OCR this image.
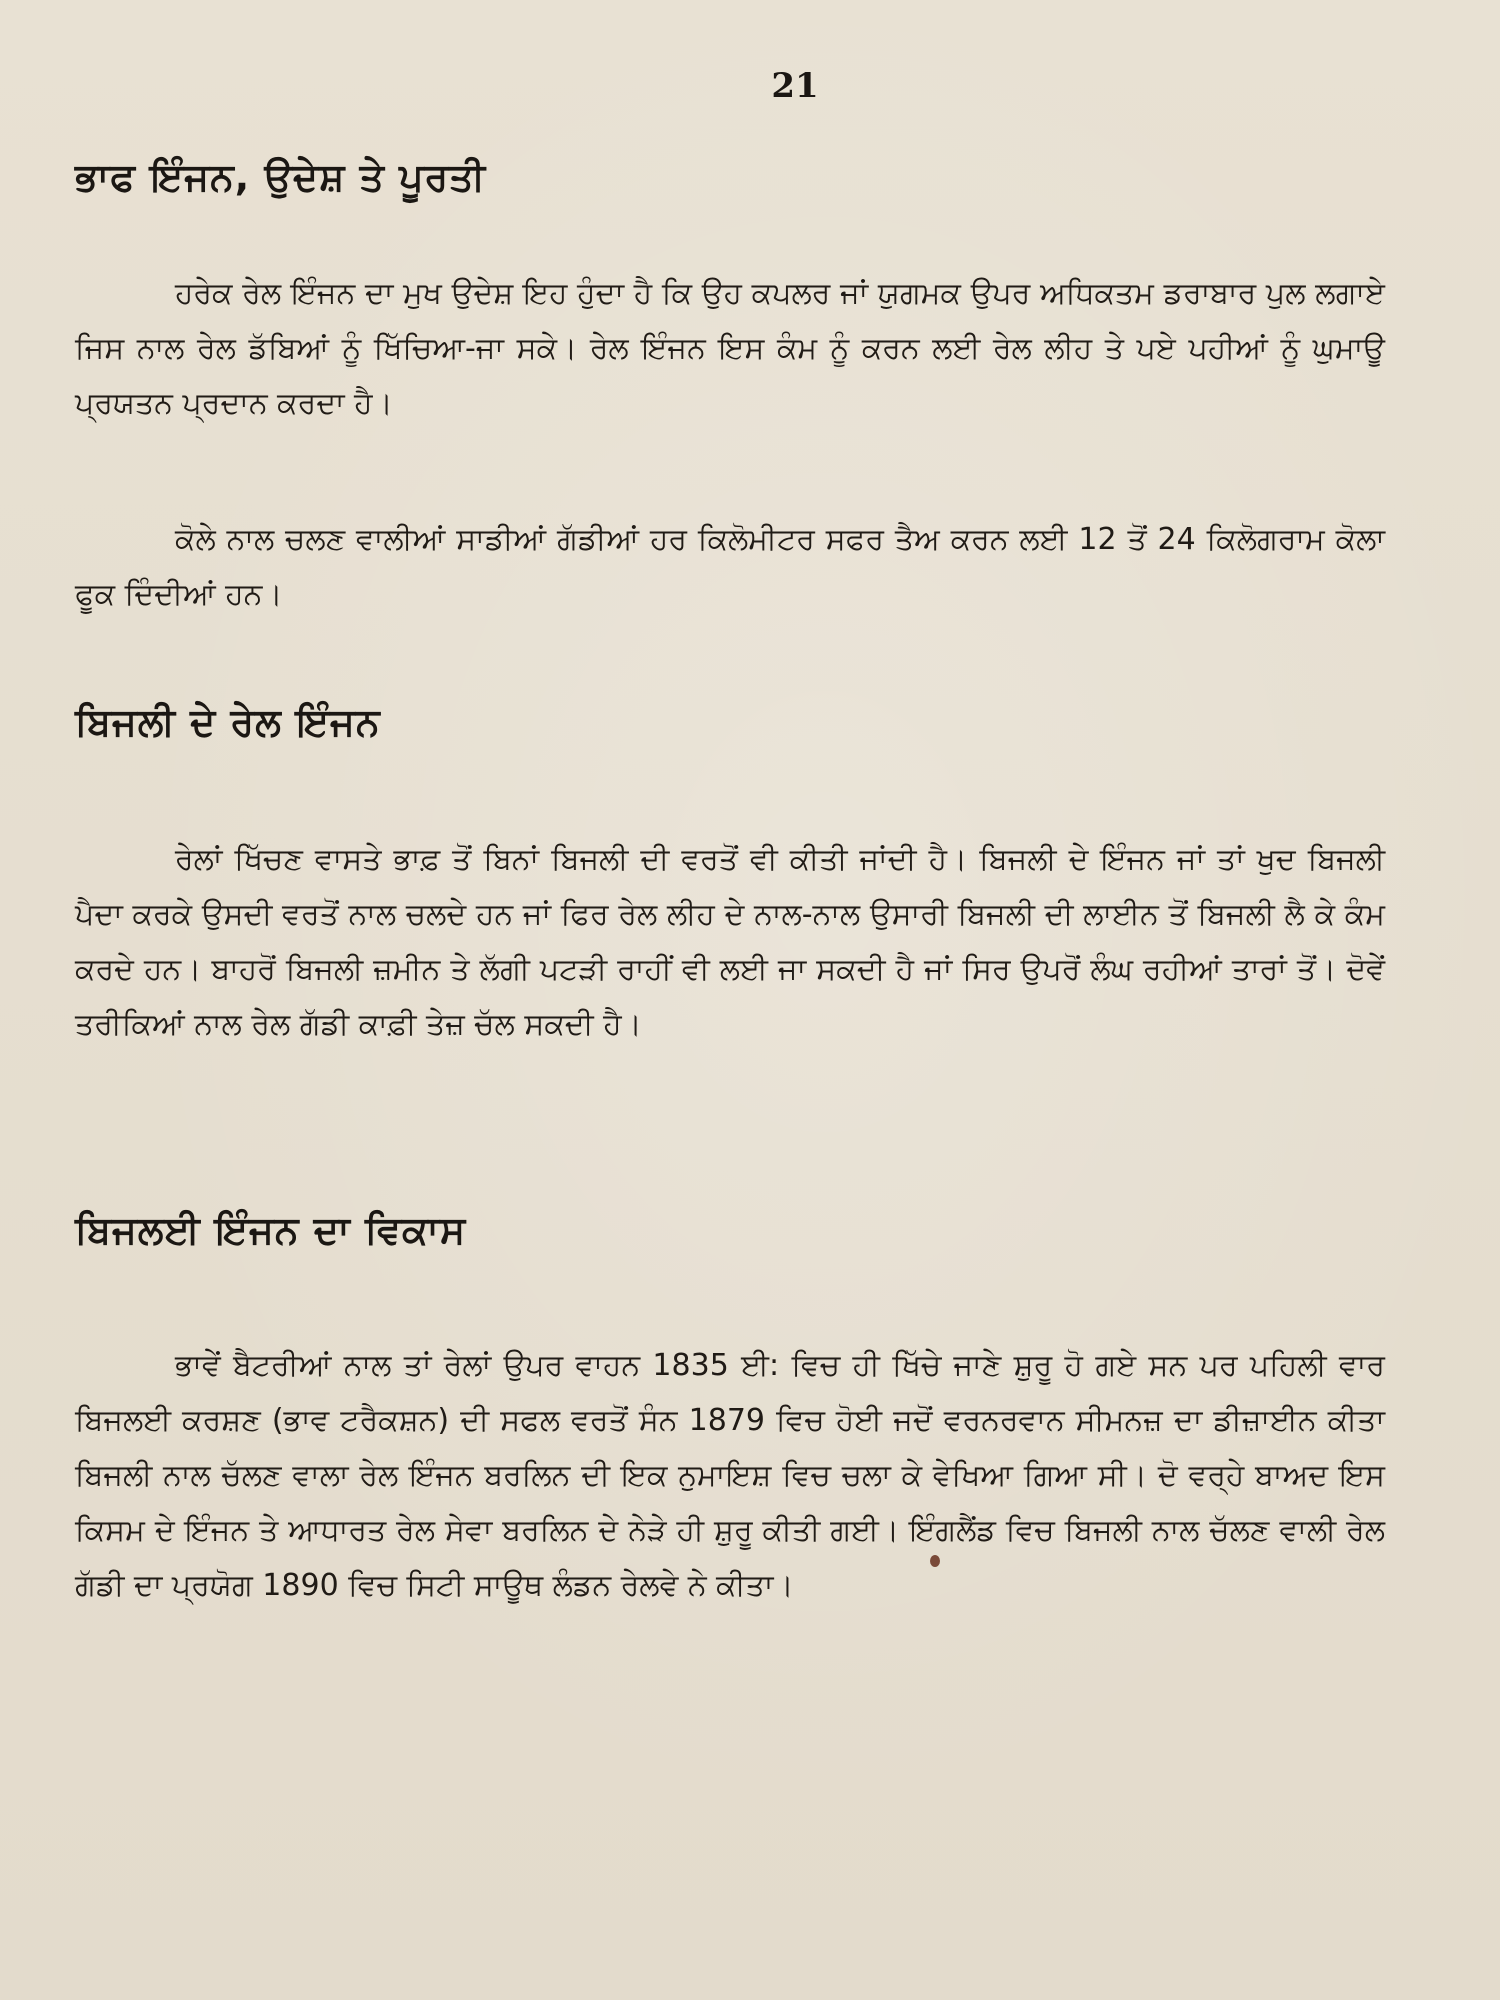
21
ਭਾਫ ਇੰਜਨ, ਉਦੇਸ਼ ਤੇ ਪੂਰਤੀ

ਹਰੇਕ ਰੇਲ ਇੰਜਨ ਦਾ ਮੁਖ ਉਦੇਸ਼ ਇਹ ਹੁੰਦਾ ਹੈ ਕਿ ਉਹ ਕਪਲਰ ਜਾਂ ਯੁਗਮਕ ਉਪਰ ਅਧਿਕਤਮ ਡਰਾਬਾਰ ਪੁਲ ਲਗਾਏ ਜਿਸ ਨਾਲ ਰੇਲ ਡੱਬਿਆਂ ਨੂੰ ਖਿੱਚਿਆ-ਜਾ ਸਕੇ। ਰੇਲ ਇੰਜਨ ਇਸ ਕੰਮ ਨੂੰ ਕਰਨ ਲਈ ਰੇਲ ਲੀਹ ਤੇ ਪਏ ਪਹੀਆਂ ਨੂੰ ਘੁਮਾਊ ਪ੍ਰਯਤਨ ਪ੍ਰਦਾਨ ਕਰਦਾ ਹੈ।

ਕੋਲੇ ਨਾਲ ਚਲਣ ਵਾਲੀਆਂ ਸਾਡੀਆਂ ਗੱਡੀਆਂ ਹਰ ਕਿਲੋਮੀਟਰ ਸਫਰ ਤੈਅ ਕਰਨ ਲਈ 12 ਤੋਂ 24 ਕਿਲੋਗਰਾਮ ਕੋਲਾ ਫੂਕ ਦਿੰਦੀਆਂ ਹਨ।

ਬਿਜਲੀ ਦੇ ਰੇਲ ਇੰਜਨ

ਰੇਲਾਂ ਖਿੱਚਣ ਵਾਸਤੇ ਭਾਫ਼ ਤੋਂ ਬਿਨਾਂ ਬਿਜਲੀ ਦੀ ਵਰਤੋਂ ਵੀ ਕੀਤੀ ਜਾਂਦੀ ਹੈ। ਬਿਜਲੀ ਦੇ ਇੰਜਨ ਜਾਂ ਤਾਂ ਖੁਦ ਬਿਜਲੀ ਪੈਦਾ ਕਰਕੇ ਉਸਦੀ ਵਰਤੋਂ ਨਾਲ ਚਲਦੇ ਹਨ ਜਾਂ ਫਿਰ ਰੇਲ ਲੀਹ ਦੇ ਨਾਲ-ਨਾਲ ਉਸਾਰੀ ਬਿਜਲੀ ਦੀ ਲਾਈਨ ਤੋਂ ਬਿਜਲੀ ਲੈ ਕੇ ਕੰਮ ਕਰਦੇ ਹਨ। ਬਾਹਰੋਂ ਬਿਜਲੀ ਜ਼ਮੀਨ ਤੇ ਲੱਗੀ ਪਟੜੀ ਰਾਹੀਂ ਵੀ ਲਈ ਜਾ ਸਕਦੀ ਹੈ ਜਾਂ ਸਿਰ ਉਪਰੋਂ ਲੰਘ ਰਹੀਆਂ ਤਾਰਾਂ ਤੋਂ। ਦੋਵੇਂ ਤਰੀਕਿਆਂ ਨਾਲ ਰੇਲ ਗੱਡੀ ਕਾਫ਼ੀ ਤੇਜ਼ ਚੱਲ ਸਕਦੀ ਹੈ।

ਬਿਜਲਈ ਇੰਜਨ ਦਾ ਵਿਕਾਸ

ਭਾਵੇਂ ਬੈਟਰੀਆਂ ਨਾਲ ਤਾਂ ਰੇਲਾਂ ਉਪਰ ਵਾਹਨ 1835 ਈ: ਵਿਚ ਹੀ ਖਿੱਚੇ ਜਾਣੇ ਸ਼ੁਰੂ ਹੋ ਗਏ ਸਨ ਪਰ ਪਹਿਲੀ ਵਾਰ ਬਿਜਲਈ ਕਰਸ਼ਣ (ਭਾਵ ਟਰੈਕਸ਼ਨ) ਦੀ ਸਫਲ ਵਰਤੋਂ ਸੰਨ 1879 ਵਿਚ ਹੋਈ ਜਦੋਂ ਵਰਨਰਵਾਨ ਸੀਮਨਜ਼ ਦਾ ਡੀਜ਼ਾਈਨ ਕੀਤਾ ਬਿਜਲੀ ਨਾਲ ਚੱਲਣ ਵਾਲਾ ਰੇਲ ਇੰਜਨ ਬਰਲਿਨ ਦੀ ਇਕ ਨੁਮਾਇਸ਼ ਵਿਚ ਚਲਾ ਕੇ ਵੇਖਿਆ ਗਿਆ ਸੀ। ਦੋ ਵਰ੍ਹੇ ਬਾਅਦ ਇਸ ਕਿਸਮ ਦੇ ਇੰਜਨ ਤੇ ਆਧਾਰਤ ਰੇਲ ਸੇਵਾ ਬਰਲਿਨ ਦੇ ਨੇੜੇ ਹੀ ਸ਼ੁਰੂ ਕੀਤੀ ਗਈ। ਇੰਗਲੈਂਡ ਵਿਚ ਬਿਜਲੀ ਨਾਲ ਚੱਲਣ ਵਾਲੀ ਰੇਲ ਗੱਡੀ ਦਾ ਪ੍ਰਯੋਗ 1890 ਵਿਚ ਸਿਟੀ ਸਾਊਥ ਲੰਡਨ ਰੇਲਵੇ ਨੇ ਕੀਤਾ।
